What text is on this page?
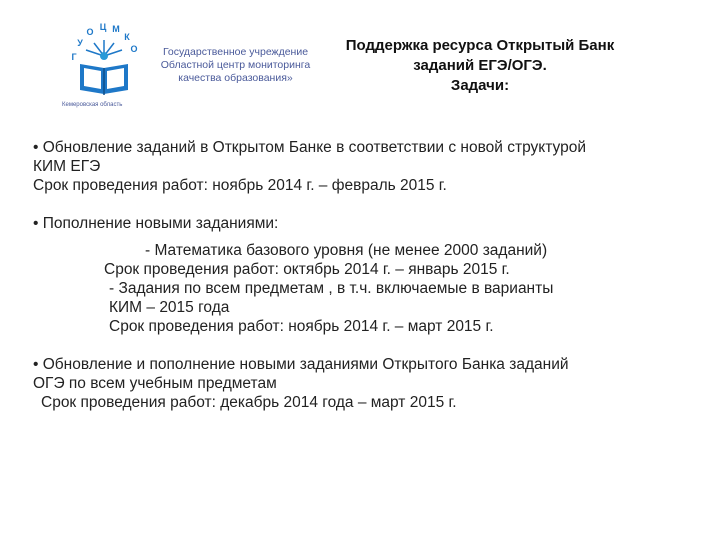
Г
У
О Ц М
К
О	Государственное учреждение
Областной центр мониторинга
качества образования»
Кемеровская область
Поддержка ресурса Открытый Банк
заданий ЕГЭ/ОГЭ.
Задачи:
• Обновление заданий в Открытом Банке в соответствии с новой структурой
КИМ ЕГЭ
Срок проведения работ: ноябрь 2014 г. – февраль 2015 г.
• Пополнение новыми заданиями:
- Математика базового уровня (не менее 2000 заданий)
Срок проведения работ: октябрь 2014 г. – январь 2015 г.
- Задания по всем предметам , в т.ч. включаемые в варианты
КИМ – 2015 года
Срок проведения работ: ноябрь 2014 г. – март 2015 г.
• Обновление и пополнение новыми заданиями Открытого Банка заданий
ОГЭ по всем учебным предметам
Срок проведения работ: декабрь 2014 года – март 2015 г.
